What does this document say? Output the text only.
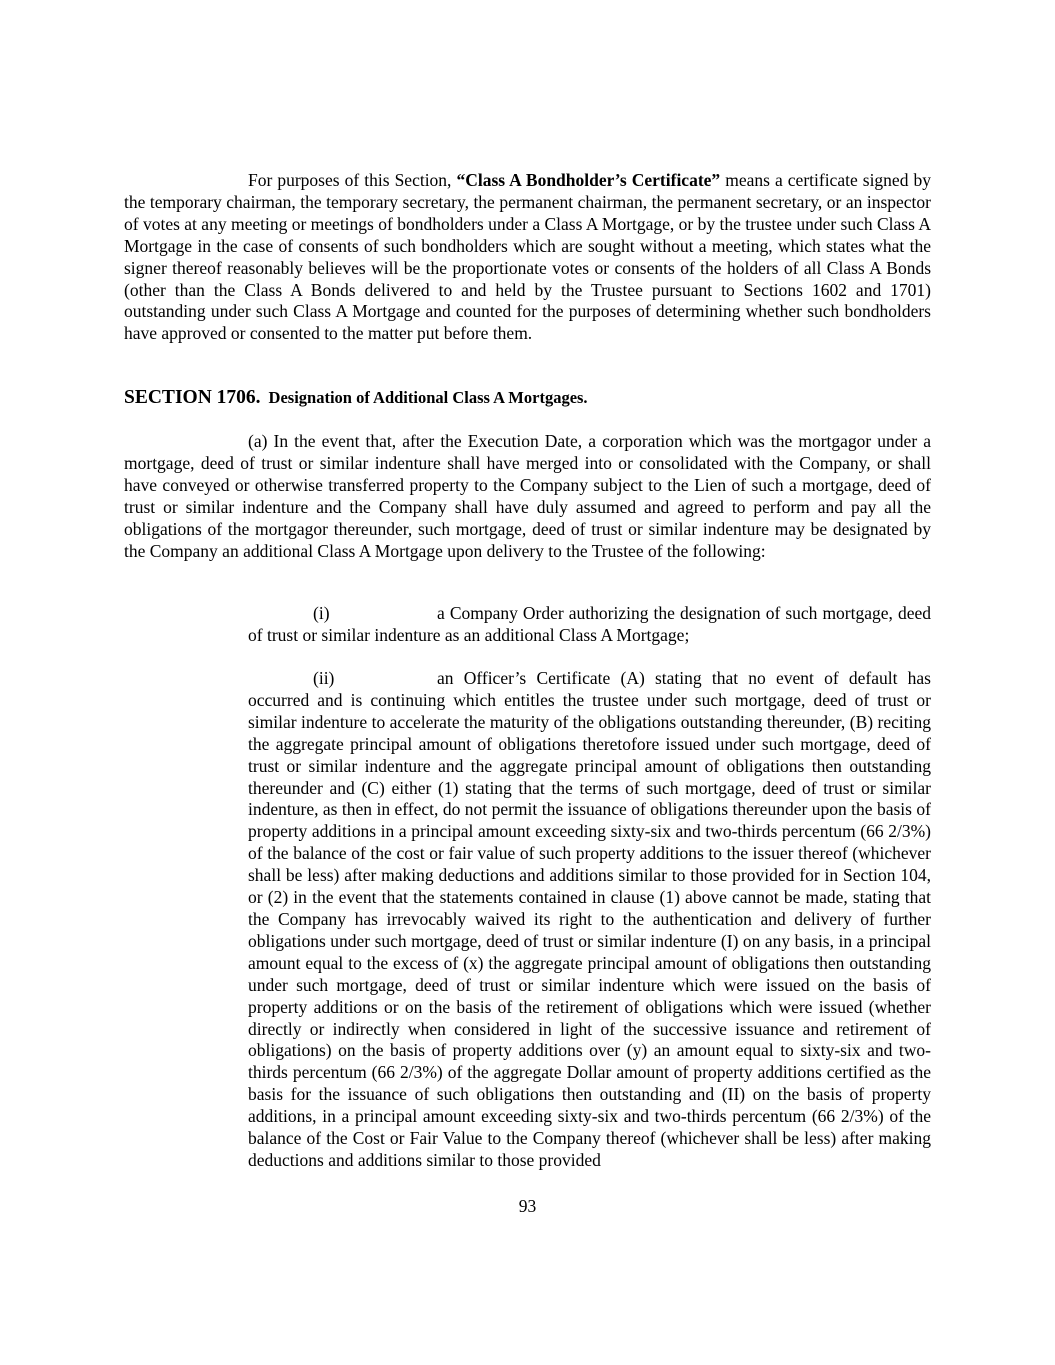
For purposes of this Section, “Class A Bondholder’s Certificate” means a certificate signed by the temporary chairman, the temporary secretary, the permanent chairman, the permanent secretary, or an inspector of votes at any meeting or meetings of bondholders under a Class A Mortgage, or by the trustee under such Class A Mortgage in the case of consents of such bondholders which are sought without a meeting, which states what the signer thereof reasonably believes will be the proportionate votes or consents of the holders of all Class A Bonds (other than the Class A Bonds delivered to and held by the Trustee pursuant to Sections 1602 and 1701) outstanding under such Class A Mortgage and counted for the purposes of determining whether such bondholders have approved or consented to the matter put before them.

SECTION 1706. Designation of Additional Class A Mortgages.

(a) In the event that, after the Execution Date, a corporation which was the mortgagor under a mortgage, deed of trust or similar indenture shall have merged into or consolidated with the Company, or shall have conveyed or otherwise transferred property to the Company subject to the Lien of such a mortgage, deed of trust or similar indenture and the Company shall have duly assumed and agreed to perform and pay all the obligations of the mortgagor thereunder, such mortgage, deed of trust or similar indenture may be designated by the Company an additional Class A Mortgage upon delivery to the Trustee of the following:

(i)	a Company Order authorizing the designation of such mortgage, deed of trust or similar indenture as an additional Class A Mortgage;

(ii)	an Officer’s Certificate (A) stating that no event of default has occurred and is continuing which entitles the trustee under such mortgage, deed of trust or similar indenture to accelerate the maturity of the obligations outstanding thereunder, (B) reciting the aggregate principal amount of obligations theretofore issued under such mortgage, deed of trust or similar indenture and the aggregate principal amount of obligations then outstanding thereunder and (C) either (1) stating that the terms of such mortgage, deed of trust or similar indenture, as then in effect, do not permit the issuance of obligations thereunder upon the basis of property additions in a principal amount exceeding sixty-six and two-thirds percentum (66 2/3%) of the balance of the cost or fair value of such property additions to the issuer thereof (whichever shall be less) after making deductions and additions similar to those provided for in Section 104, or (2) in the event that the statements contained in clause (1) above cannot be made, stating that the Company has irrevocably waived its right to the authentication and delivery of further obligations under such mortgage, deed of trust or similar indenture (I) on any basis, in a principal amount equal to the excess of (x) the aggregate principal amount of obligations then outstanding under such mortgage, deed of trust or similar indenture which were issued on the basis of property additions or on the basis of the retirement of obligations which were issued (whether directly or indirectly when considered in light of the successive issuance and retirement of obligations) on the basis of property additions over (y) an amount equal to sixty-six and two-thirds percentum (66 2/3%) of the aggregate Dollar amount of property additions certified as the basis for the issuance of such obligations then outstanding and (II) on the basis of property additions, in a principal amount exceeding sixty-six and two-thirds percentum (66 2/3%) of the balance of the Cost or Fair Value to the Company thereof (whichever shall be less) after making deductions and additions similar to those provided

93
